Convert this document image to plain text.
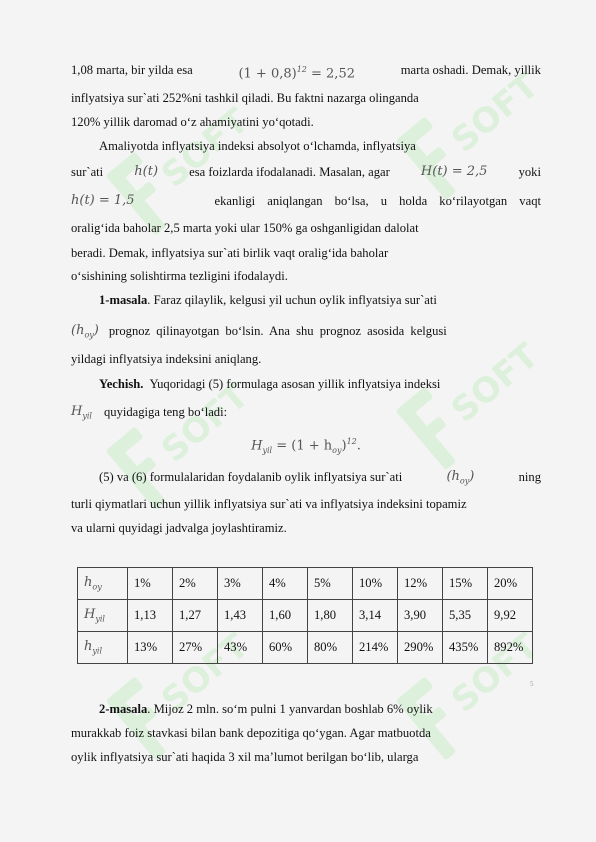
SOFT	SOFT
SOFT	SOFT
SOFT	SOFT
1,08 marta, bir yilda esa	$(1 + 0,8)^{12} = 2,52$	marta oshadi. Demak, yillik
inflyatsiya sur`ati 252%ni tashkil qiladi. Bu faktni nazarga olinganda
120% yillik daromad o‘z ahamiyatini yo‘qotadi.
Amaliyotda inflyatsiya indeksi absolyot o‘lchamda, inflyatsiya
sur`ati h(t) esa foizlarda ifodalanadi. Masalan, agar H(t) = 2,5 yoki
h(t) = 1,5	ekanligi aniqlangan bo‘lsa, u holda ko‘rilayotgan vaqt
oralig‘ida baholar 2,5 marta yoki ular 150% ga oshganligidan dalolat
beradi. Demak, inflyatsiya sur`ati birlik vaqt oralig‘ida baholar
o‘sishining solishtirma tezligini ifodalaydi.
1-masala . Faraz qilaylik, kelgusi yil uchun oylik inflyatsiya sur`ati
$(h_{oy})$ prognoz qilinayotgan bo‘lsin. Ana shu prognoz asosida kelgusi
yildagi inflyatsiya indeksini aniqlang.
Yechish. Yuqoridagi (5) formulaga asosan yillik inflyatsiya indeksi
$H_{yil}$ quyidagiga teng bo‘ladi:
$H_{yil} = (1 + h_{oy})^{12}$.
(5) va (6) formulalaridan foydalanib oylik inflyatsiya sur`ati	$(h_{oy})$	ning
turli qiymatlari uchun yillik inflyatsiya sur`ati va inflyatsiya indeksini topamiz
va ularni quyidagi jadvalga joylashtiramiz.
$h_{oy}$	1%	2%	3%	4%	5%	10%	12%	15%	20%
$H_{yil}$	1,13	1,27	1,43	1,60	1,80	3,14	3,90	5,35	9,92
$h_{yil}$	13%	27%	43%	60%	80%	214%	290%	435%	892%
5
2-masala . Mijoz 2 mln. so‘m pulni 1 yanvardan boshlab 6% oylik
murakkab foiz stavkasi bilan bank depozitiga qo‘ygan. Agar matbuotda
oylik inflyatsiya sur`ati haqida 3 xil ma’lumot berilgan bo‘lib, ularga
